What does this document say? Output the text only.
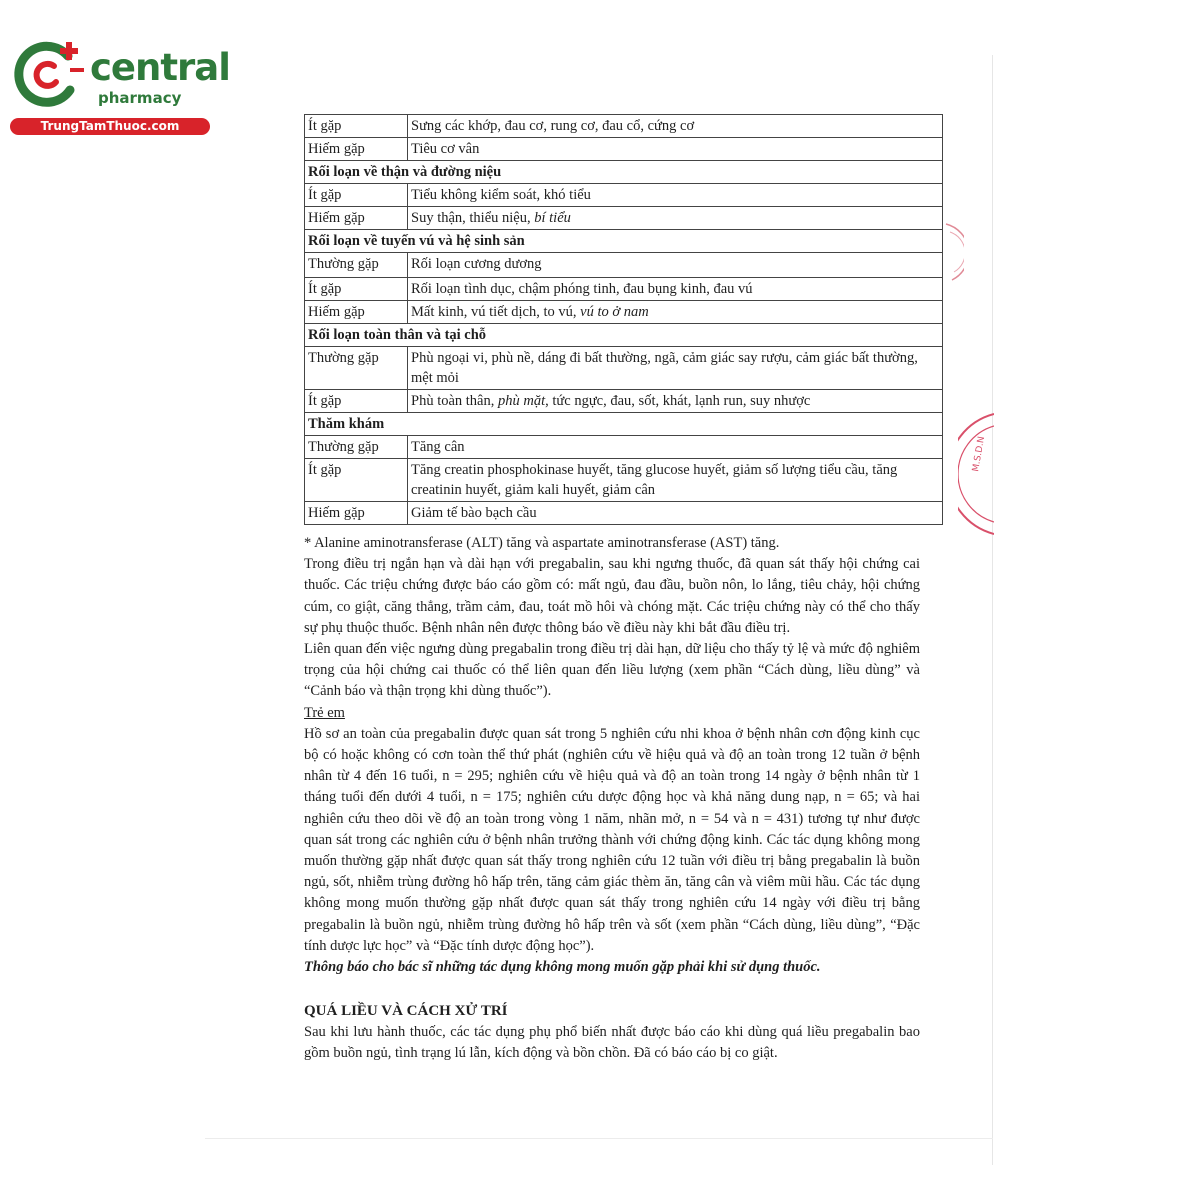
central
pharmacy
TrungTamThuoc.com
M.S.D.N
Ít gặp	Sưng các khớp, đau cơ, rung cơ, đau cổ, cứng cơ
Hiếm gặp	Tiêu cơ vân
Rối loạn về thận và đường niệu	
Ít gặp	Tiểu không kiểm soát, khó tiểu
Hiếm gặp	Suy thận, thiểu niệu, bí tiểu
Rối loạn về tuyến vú và hệ sinh sản	
Thường gặp	Rối loạn cương dương
Ít gặp	Rối loạn tình dục, chậm phóng tinh, đau bụng kinh, đau vú
Hiếm gặp	Mất kinh, vú tiết dịch, to vú, vú to ở nam
Rối loạn toàn thân và tại chỗ	
Thường gặp	Phù ngoại vi, phù nề, dáng đi bất thường, ngã, cảm giác say rượu, cảm giác bất thường, mệt mỏi
Ít gặp	Phù toàn thân, phù mặt, tức ngực, đau, sốt, khát, lạnh run, suy nhược
Thăm khám	
Thường gặp	Tăng cân
Ít gặp	Tăng creatin phosphokinase huyết, tăng glucose huyết, giảm số lượng tiểu cầu, tăng creatinin huyết, giảm kali huyết, giảm cân
Hiếm gặp	Giảm tế bào bạch cầu

* Alanine aminotransferase (ALT) tăng và aspartate aminotransferase (AST) tăng.

Trong điều trị ngắn hạn và dài hạn với pregabalin, sau khi ngưng thuốc, đã quan sát thấy hội chứng cai thuốc. Các triệu chứng được báo cáo gồm có: mất ngủ, đau đầu, buồn nôn, lo lắng, tiêu chảy, hội chứng cúm, co giật, căng thẳng, trầm cảm, đau, toát mồ hôi và chóng mặt. Các triệu chứng này có thể cho thấy sự phụ thuộc thuốc. Bệnh nhân nên được thông báo về điều này khi bắt đầu điều trị.

Liên quan đến việc ngưng dùng pregabalin trong điều trị dài hạn, dữ liệu cho thấy tỷ lệ và mức độ nghiêm trọng của hội chứng cai thuốc có thể liên quan đến liều lượng (xem phần “Cách dùng, liều dùng” và “Cảnh báo và thận trọng khi dùng thuốc”).

Trẻ em

Hồ sơ an toàn của pregabalin được quan sát trong 5 nghiên cứu nhi khoa ở bệnh nhân cơn động kinh cục bộ có hoặc không có cơn toàn thể thứ phát (nghiên cứu về hiệu quả và độ an toàn trong 12 tuần ở bệnh nhân từ 4 đến 16 tuổi, n = 295; nghiên cứu về hiệu quả và độ an toàn trong 14 ngày ở bệnh nhân từ 1 tháng tuổi đến dưới 4 tuổi, n = 175; nghiên cứu dược động học và khả năng dung nạp, n = 65; và hai nghiên cứu theo dõi về độ an toàn trong vòng 1 năm, nhãn mở, n = 54 và n = 431) tương tự như được quan sát trong các nghiên cứu ở bệnh nhân trưởng thành với chứng động kinh. Các tác dụng không mong muốn thường gặp nhất được quan sát thấy trong nghiên cứu 12 tuần với điều trị bằng pregabalin là buồn ngủ, sốt, nhiễm trùng đường hô hấp trên, tăng cảm giác thèm ăn, tăng cân và viêm mũi hầu. Các tác dụng không mong muốn thường gặp nhất được quan sát thấy trong nghiên cứu 14 ngày với điều trị bằng pregabalin là buồn ngủ, nhiễm trùng đường hô hấp trên và sốt (xem phần “Cách dùng, liều dùng”, “Đặc tính dược lực học” và “Đặc tính dược động học”).

Thông báo cho bác sĩ những tác dụng không mong muốn gặp phải khi sử dụng thuốc.

QUÁ LIỀU VÀ CÁCH XỬ TRÍ

Sau khi lưu hành thuốc, các tác dụng phụ phổ biến nhất được báo cáo khi dùng quá liều pregabalin bao gồm buồn ngủ, tình trạng lú lẫn, kích động và bồn chồn. Đã có báo cáo bị co giật.
